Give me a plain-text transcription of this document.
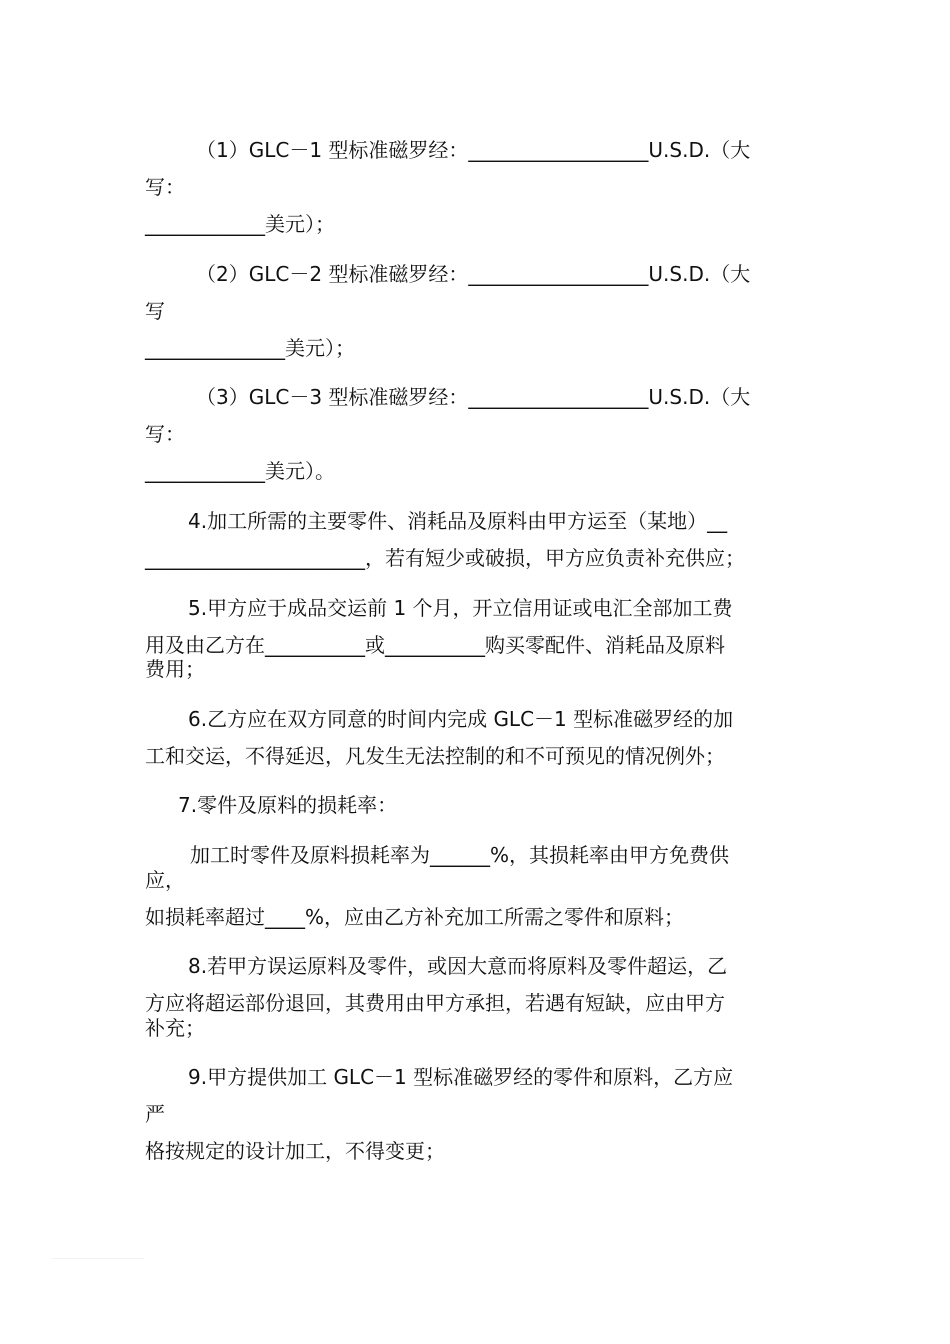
（1）GLC－1 型标准磁罗经：__________________U.S.D.（大

写：

____________美元）；

（2）GLC－2 型标准磁罗经：__________________U.S.D.（大

写

______________美元）；

（3）GLC－3 型标准磁罗经：__________________U.S.D.（大

写：

____________美元）。

4.加工所需的主要零件、消耗品及原料由甲方运至（某地）__

______________________，若有短少或破损，甲方应负责补充供应；

5.甲方应于成品交运前 1 个月，开立信用证或电汇全部加工费

用及由乙方在__________或__________购买零配件、消耗品及原料

费用；

6.乙方应在双方同意的时间内完成 GLC－1 型标准磁罗经的加

工和交运，不得延迟，凡发生无法控制的和不可预见的情况例外；

7.零件及原料的损耗率：

加工时零件及原料损耗率为______%，其损耗率由甲方免费供

应，

如损耗率超过____%，应由乙方补充加工所需之零件和原料；

8.若甲方误运原料及零件，或因大意而将原料及零件超运，乙

方应将超运部份退回，其费用由甲方承担，若遇有短缺，应由甲方

补充；

9.甲方提供加工 GLC－1 型标准磁罗经的零件和原料，乙方应

严

格按规定的设计加工，不得变更；
